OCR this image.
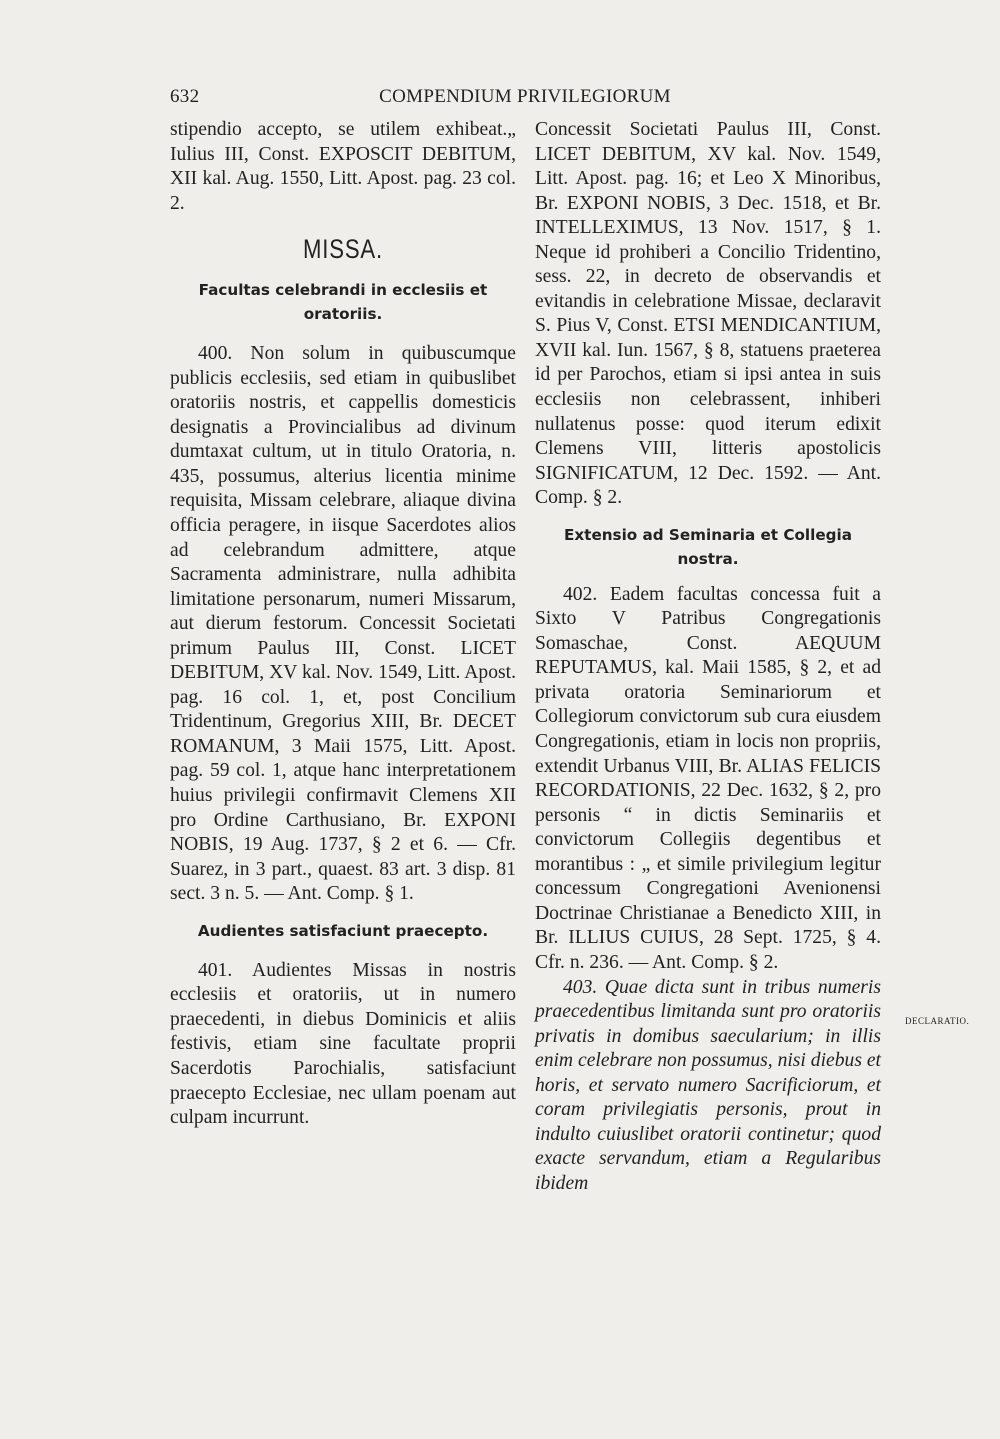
632	COMPENDIUM PRIVILEGIORUM

stipendio accepto, se utilem exhibeat.„ Iulius III, Const. EXPOSCIT DEBITUM, XII kal. Aug. 1550, Litt. Apost. pag. 23 col. 2.

MISSA.
Facultas celebrandi in ecclesiis et oratoriis.

400. Non solum in quibuscumque publicis ecclesiis, sed etiam in quibuslibet oratoriis nostris, et cappellis domesticis designatis a Provincialibus ad divinum dumtaxat cultum, ut in titulo Oratoria, n. 435, possumus, alterius licentia minime requisita, Missam celebrare, aliaque divina officia peragere, in iisque Sacerdotes alios ad celebrandum admittere, atque Sacramenta administrare, nulla adhibita limitatione personarum, numeri Missarum, aut dierum festorum. Concessit Societati primum Paulus III, Const. LICET DEBITUM, XV kal. Nov. 1549, Litt. Apost. pag. 16 col. 1, et, post Concilium Tridentinum, Gregorius XIII, Br. DECET ROMANUM, 3 Maii 1575, Litt. Apost. pag. 59 col. 1, atque hanc interpretationem huius privilegii confirmavit Clemens XII pro Ordine Carthusiano, Br. EXPONI NOBIS, 19 Aug. 1737, § 2 et 6. — Cfr. Suarez, in 3 part., quaest. 83 art. 3 disp. 81 sect. 3 n. 5. — Ant. Comp. § 1.

Audientes satisfaciunt praecepto.

401. Audientes Missas in nostris ecclesiis et oratoriis, ut in numero praecedenti, in diebus Dominicis et aliis festivis, etiam sine facultate proprii Sacerdotis Parochialis, satisfaciunt praecepto Ecclesiae, nec ullam poenam aut culpam incurrunt.

Concessit Societati Paulus III, Const. LICET DEBITUM, XV kal. Nov. 1549, Litt. Apost. pag. 16; et Leo X Minoribus, Br. EXPONI NOBIS, 3 Dec. 1518, et Br. INTELLEXIMUS, 13 Nov. 1517, § 1. Neque id prohiberi a Concilio Tridentino, sess. 22, in decreto de observandis et evitandis in celebratione Missae, declaravit S. Pius V, Const. ETSI MENDICANTIUM, XVII kal. Iun. 1567, § 8, statuens praeterea id per Parochos, etiam si ipsi antea in suis ecclesiis non celebrassent, inhiberi nullatenus posse: quod iterum edixit Clemens VIII, litteris apostolicis SIGNIFICATUM, 12 Dec. 1592. — Ant. Comp. § 2.

Extensio ad Seminaria et Collegia nostra.

402. Eadem facultas concessa fuit a Sixto V Patribus Congregationis Somaschae, Const. AEQUUM REPUTAMUS, kal. Maii 1585, § 2, et ad privata oratoria Seminariorum et Collegiorum convictorum sub cura eiusdem Congregationis, etiam in locis non propriis, extendit Urbanus VIII, Br. ALIAS FELICIS RECORDATIONIS, 22 Dec. 1632, § 2, pro personis “ in dictis Seminariis et convictorum Collegiis degentibus et morantibus : „ et simile privilegium legitur concessum Congregationi Avenionensi Doctrinae Christianae a Benedicto XIII, in Br. ILLIUS CUIUS, 28 Sept. 1725, § 4. Cfr. n. 236. — Ant. Comp. § 2.

403. Quae dicta sunt in tribus numeris praecedentibus limitanda sunt pro oratoriis privatis in domibus saecularium; in illis enim celebrare non possumus, nisi diebus et horis, et servato numero Sacrificiorum, et coram privilegiatis personis, prout in indulto cuiuslibet oratorii continetur; quod exacte servandum, etiam a Regularibus ibidem

DECLARATIO.
